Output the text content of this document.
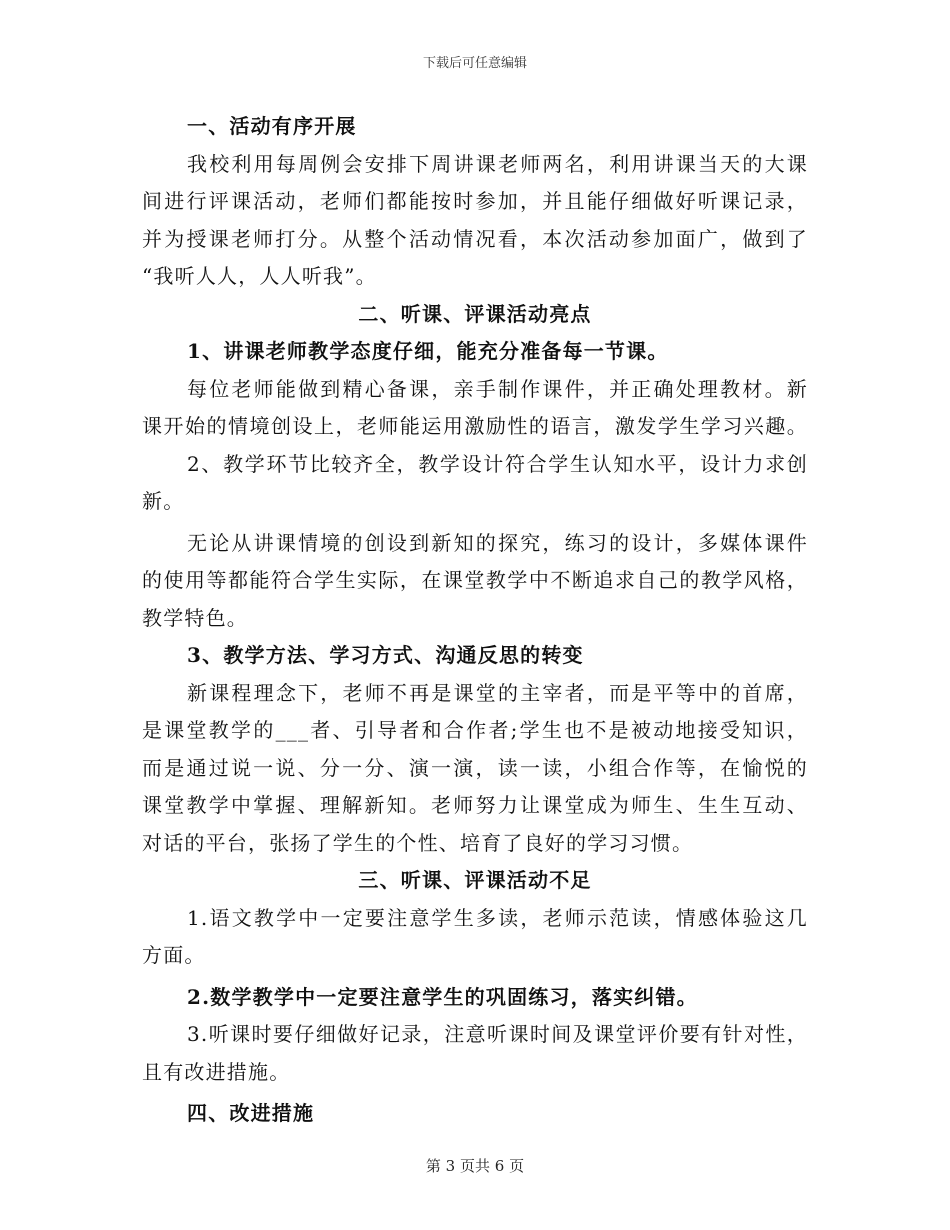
下载后可任意编辑
一、活动有序开展
我校利用每周例会安排下周讲课老师两名，利用讲课当天的大课
间进行评课活动，老师们都能按时参加，并且能仔细做好听课记录，
并为授课老师打分。从整个活动情况看，本次活动参加面广，做到了
“我听人人，人人听我”。
二、听课、评课活动亮点
1、讲课老师教学态度仔细，能充分准备每一节课。
每位老师能做到精心备课，亲手制作课件，并正确处理教材。新
课开始的情境创设上，老师能运用激励性的语言，激发学生学习兴趣。
2、教学环节比较齐全，教学设计符合学生认知水平，设计力求创
新。
无论从讲课情境的创设到新知的探究，练习的设计，多媒体课件
的使用等都能符合学生实际，在课堂教学中不断追求自己的教学风格，
教学特色。
3、教学方法、学习方式、沟通反思的转变
新课程理念下，老师不再是课堂的主宰者，而是平等中的首席，
是课堂教学的___者、引导者和合作者;学生也不是被动地接受知识，
而是通过说一说、分一分、演一演，读一读，小组合作等，在愉悦的
课堂教学中掌握、理解新知。老师努力让课堂成为师生、生生互动、
对话的平台，张扬了学生的个性、培育了良好的学习习惯。
三、听课、评课活动不足
1.语文教学中一定要注意学生多读，老师示范读，情感体验这几
方面。
2.数学教学中一定要注意学生的巩固练习，落实纠错。
3.听课时要仔细做好记录，注意听课时间及课堂评价要有针对性，
且有改进措施。
四、改进措施
第 3 页共 6 页
